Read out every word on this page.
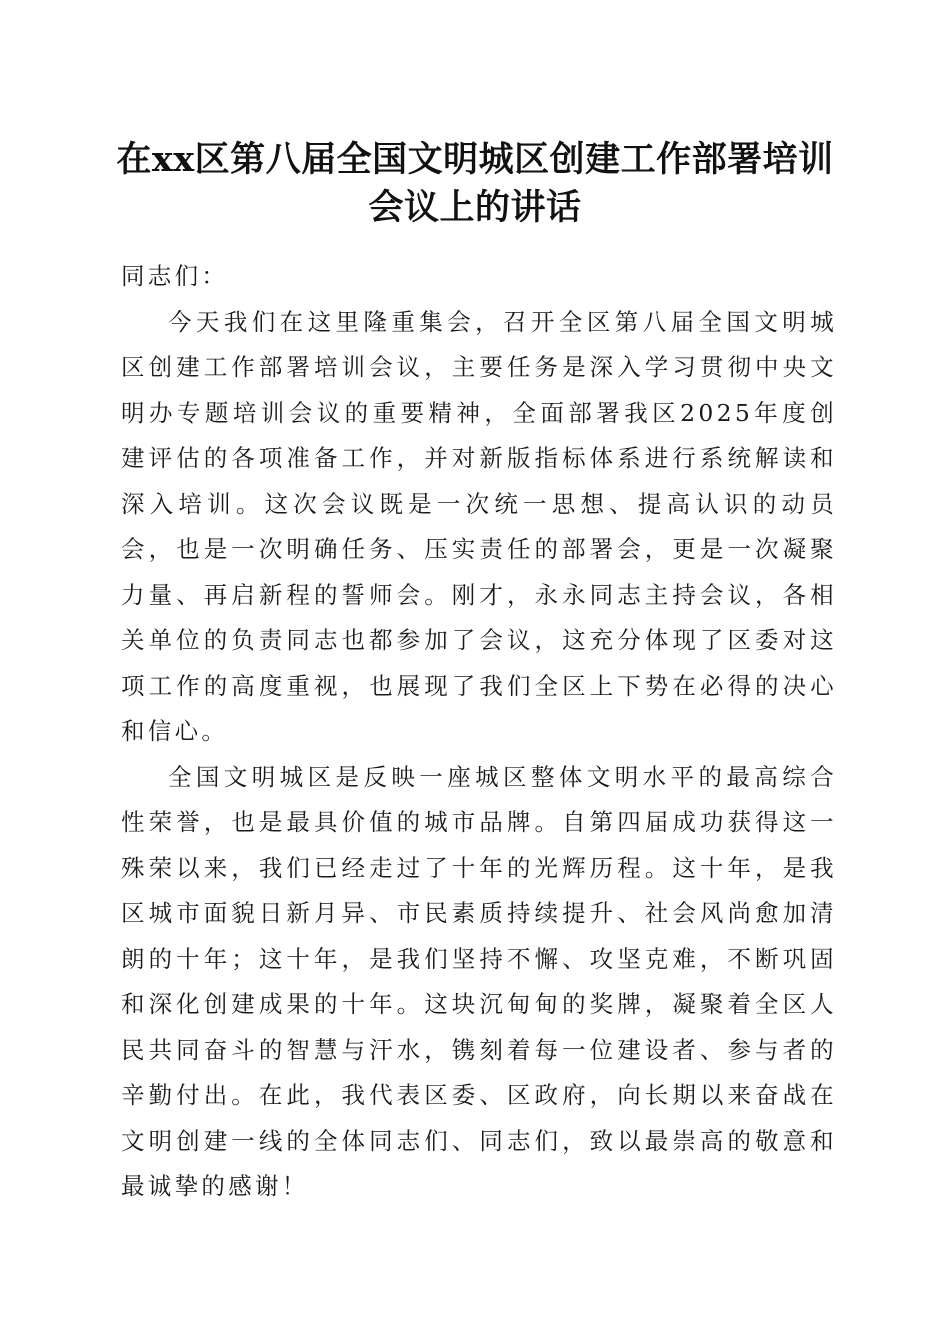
在xx区第八届全国文明城区创建工作部署培训会议上的讲话

同志们：

今天我们在这里隆重集会，召开全区第八届全国文明城区创建工作部署培训会议，主要任务是深入学习贯彻中央文明办专题培训会议的重要精神，全面部署我区2025年度创建评估的各项准备工作，并对新版指标体系进行系统解读和深入培训。这次会议既是一次统一思想、提高认识的动员会，也是一次明确任务、压实责任的部署会，更是一次凝聚力量、再启新程的誓师会。刚才，永永同志主持会议，各相关单位的负责同志也都参加了会议，这充分体现了区委对这项工作的高度重视，也展现了我们全区上下势在必得的决心和信心。

全国文明城区是反映一座城区整体文明水平的最高综合性荣誉，也是最具价值的城市品牌。自第四届成功获得这一殊荣以来，我们已经走过了十年的光辉历程。这十年，是我区城市面貌日新月异、市民素质持续提升、社会风尚愈加清朗的十年；这十年，是我们坚持不懈、攻坚克难，不断巩固和深化创建成果的十年。这块沉甸甸的奖牌，凝聚着全区人民共同奋斗的智慧与汗水，镌刻着每一位建设者、参与者的辛勤付出。在此，我代表区委、区政府，向长期以来奋战在文明创建一线的全体同志们、同志们，致以最崇高的敬意和最诚挚的感谢！
